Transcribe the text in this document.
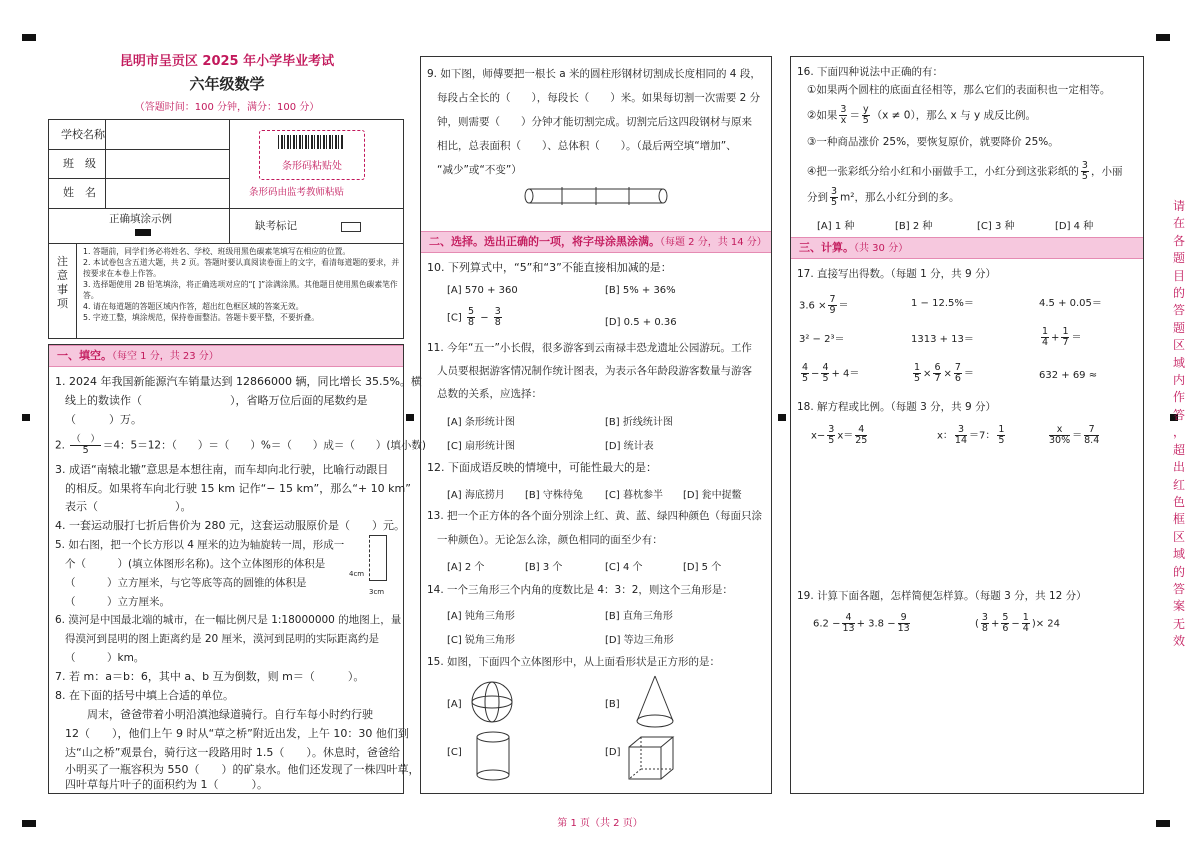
昆明市呈贡区 2025 年小学毕业考试
六年级数学
（答题时间：100 分钟，满分：100 分）
学校名称
班　级
姓　名
条形码粘贴处
条形码由监考教师粘贴
正确填涂示例
缺考标记
注
意
事
项
1. 答题前，同学们务必将姓名、学校、班级用黑色碳素笔填写在相应的位置。
2. 本试卷包含五道大题，共 2 页。答题时要认真阅读卷面上的文字，看清每道题的要求，并按要求在本卷上作答。
3. 选择题使用 2B 铅笔填涂，将正确选项对应的“[ ]”涂满涂黑。其他题目使用黑色碳素笔作答。
4. 请在每道题的答题区域内作答，超出红色框区域的答案无效。
5. 字迹工整，填涂规范，保持卷面整洁。答题卡要平整，不要折叠。
一、填空。（每空 1 分，共 23 分）
1. 2024 年我国新能源汽车销量达到 12866000 辆，同比增长 35.5%。横
线上的数读作（　　　　　　　　），省略万位后面的尾数约是
（　　　）万。
2. $\frac{( )}{5} =4$：5＝12：（　　）＝（　　）%＝（　　）成＝（　　）(填小数)
3. 成语“南辕北辙”意思是本想往南，而车却向北行驶，比喻行动跟目
的相反。如果将车向北行驶 15 km 记作“− 15 km”，那么“+ 10 km”
表示（　　　　　　　）。
4. 一套运动服打七折后售价为 280 元，这套运动服原价是（　　）元。
5. 如右图，把一个长方形以 4 厘米的边为轴旋转一周，形成一
个（　　　）(填立体图形名称)。这个立体图形的体积是
（　　　）立方厘米，与它等底等高的圆锥的体积是
（　　　）立方厘米。
4cm
3cm
6. 漠河是中国最北端的城市，在一幅比例尺是 1:18000000 的地图上，量
得漠河到昆明的图上距离约是 20 厘米，漠河到昆明的实际距离约是
（　　　）km。
7. 若 m：a＝b：6，其中 a、b 互为倒数，则 m＝（　　　）。
8. 在下面的括号中填上合适的单位。
　　周末，爸爸带着小明沿滇池绿道骑行。自行车每小时约行驶
12（　　），他们上午 9 时从“草之桥”附近出发，上午 10：30 他们到
达“山之桥”观景台，骑行这一段路用时 1.5（　　）。休息时，爸爸给
小明买了一瓶容积为 550（　　）的矿泉水。他们还发现了一株四叶草，
四叶草每片叶子的面积约为 1（　　　）。
9. 如下图，师傅要把一根长 a 米的圆柱形钢材切割成长度相同的 4 段，
每段占全长的（　　），每段长（　　）米。如果每切割一次需要 2 分
钟，则需要（　　）分钟才能切割完成。切割完后这四段钢材与原来
相比，总表面积（　　）、总体积（　　）。（最后两空填“增加”、
“减少”或“不变”）
二、选择。选出正确的一项，将字母涂黑涂满。（每题 2 分，共 14 分）
10. 下列算式中，“5”和“3”不能直接相加减的是：
[A] 570 + 360	[B] 5% + 36%
$[C] \frac{5}{8} - \frac{3}{8}$	[D] 0.5 + 0.36
11. 今年“五一”小长假，很多游客到云南禄丰恐龙遗址公园游玩。工作
人员要根据游客情况制作统计图表，为表示各年龄段游客数量与游客
总数的关系，应选择：
[A] 条形统计图	[B] 折线统计图
[C] 扇形统计图	[D] 统计表
12. 下面成语反映的情境中，可能性最大的是：
[A] 海底捞月 [B] 守株待兔 [C] 暮枕参半 [D] 瓮中捉鳖
13. 把一个正方体的各个面分别涂上红、黄、蓝、绿四种颜色（每面只涂
一种颜色）。无论怎么涂，颜色相同的面至少有：
[A] 2 个	[B] 3 个	[C] 4 个	[D] 5 个
14. 一个三角形三个内角的度数比是 4：3：2，则这个三角形是：
[A] 钝角三角形	[B] 直角三角形
[C] 锐角三角形	[D] 等边三角形
15. 如图，下面四个立体图形中，从上面看形状是正方形的是：
[A]	[B]
[C]	[D]
16. 下面四种说法中正确的有：
①如果两个圆柱的底面直径相等，那么它们的表面积也一定相等。
②如果 $\frac{3}{x} = \frac{y}{5} (x \ne 0)$，那么 x 与 y 成反比例。
③一种商品涨价 25%，要恢复原价，就要降价 25%。
④把一张彩纸分给小红和小丽做手工，小红分到这张彩纸的 $\frac{3}{5}$ ，小丽
分到 $\frac{3}{5} m^2$，那么小红分到的多。
[A] 1 种	[B] 2 种	[C] 3 种	[D] 4 种
三、计算。（共 30 分）
17. 直接写出得数。（每题 1 分，共 9 分）
$3.6 \times \frac{7}{9}$ ＝	1 − 12.5%＝	4.5 + 0.05＝
3² − 2³＝	1313 + 13＝	$\frac{1}{4} + \frac{1}{7}$ ＝
$\frac{4}{5} - \frac{4}{5} + 4=$	$\frac{1}{5} \times \frac{6}{7} \times \frac{7}{6}$ ＝	632 + 69 ≈
18. 解方程或比例。（每题 3 分，共 9 分）
$x- \frac{3}{5} x= \frac{4}{25}$	x： $\frac{3}{14} =7$： $\frac{1}{5}$	$\frac{x}{30\%} = \frac{7}{8.4}$
19. 计算下面各题，怎样简便怎样算。（每题 3 分，共 12 分）
$6.2 - \frac{4}{13} + 3.8 - \frac{9}{13}$	( $\frac{3}{8} + \frac{5}{6} - \frac{1}{4}$ )× 24
请
在
各
题
目
的
答
题
区
域
内
作
答
，
超
出
红
色
框
区
域
的
答
案
无
效
第 1 页（共 2 页）
